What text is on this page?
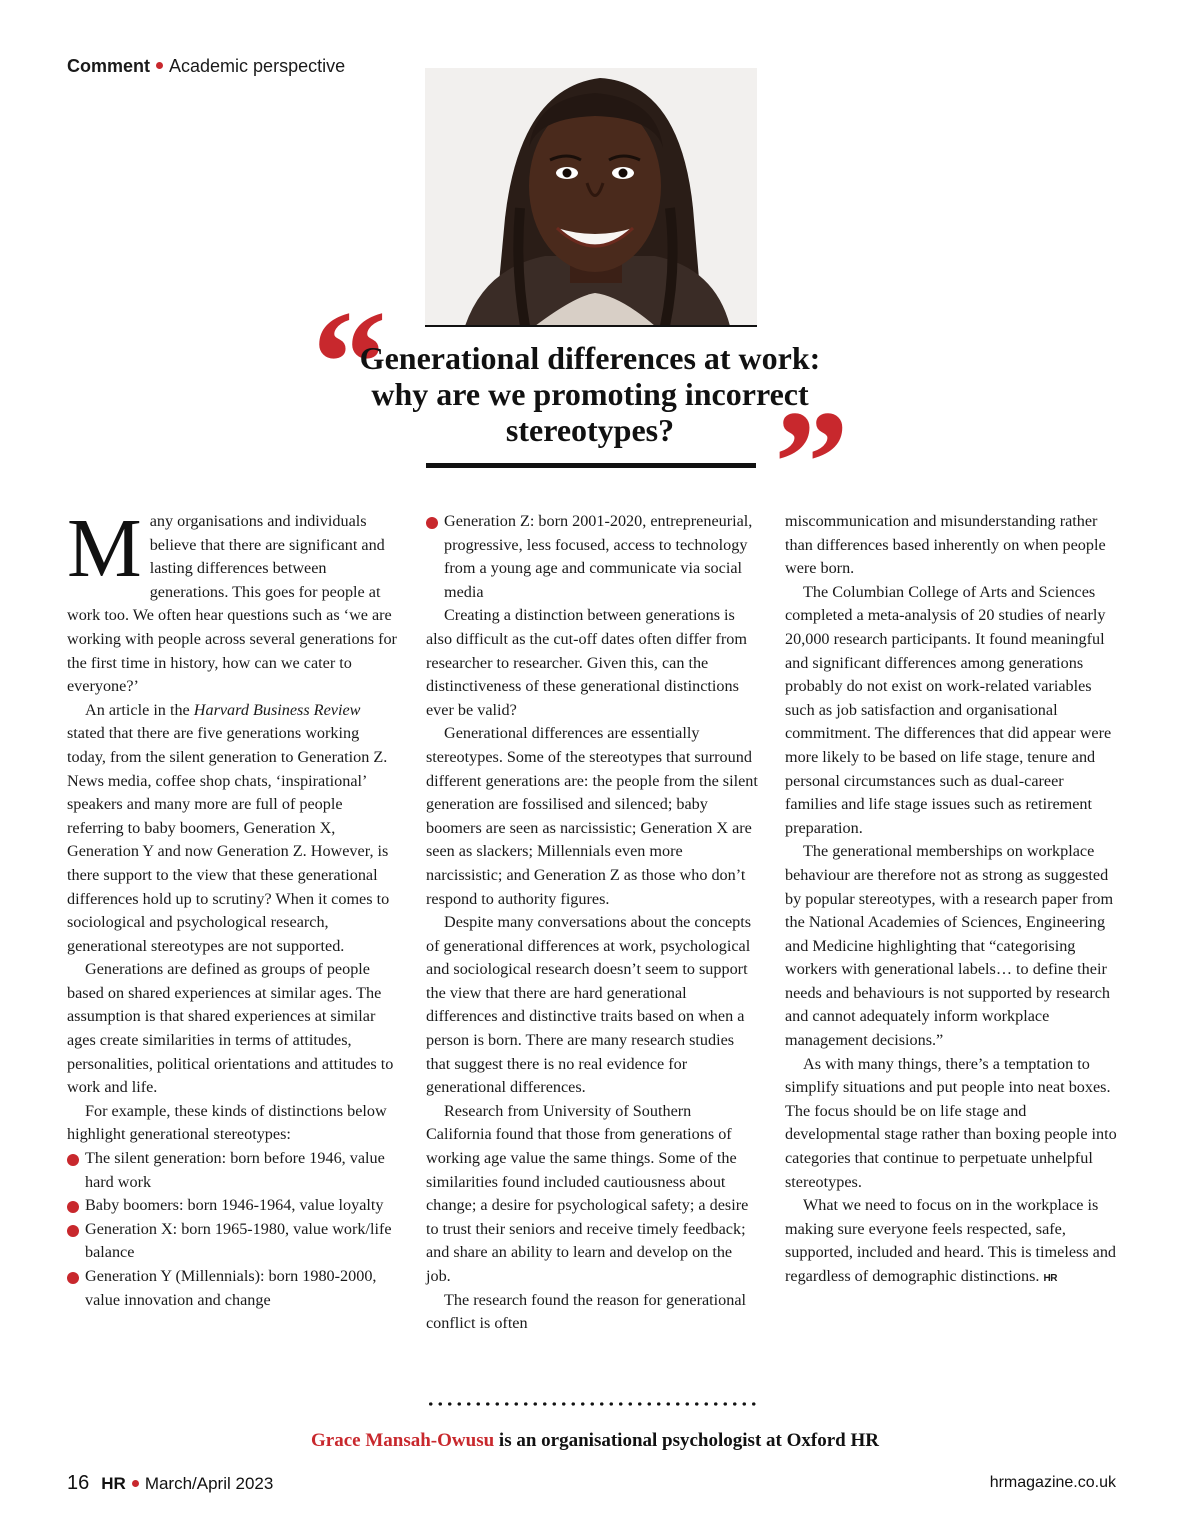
Comment Academic perspective
“
Generational differences at work: why are we promoting incorrect stereotypes? ”

Many organisations and individuals believe that there are significant and lasting differences between generations. This goes for people at work too. We often hear questions such as ‘we are working with people across several generations for the first time in history, how can we cater to everyone?’

An article in the Harvard Business Review stated that there are five generations working today, from the silent generation to Generation Z. News media, coffee shop chats, ‘inspirational’ speakers and many more are full of people referring to baby boomers, Generation X, Generation Y and now Generation Z. However, is there support to the view that these generational differences hold up to scrutiny? When it comes to sociological and psychological research, generational stereotypes are not supported.

Generations are defined as groups of people based on shared experiences at similar ages. The assumption is that shared experiences at similar ages create similarities in terms of attitudes, personalities, political orientations and attitudes to work and life.

For example, these kinds of distinctions below highlight generational stereotypes:

The silent generation: born before 1946, value hard work
Baby boomers: born 1946-1964, value loyalty
Generation X: born 1965-1980, value work/life balance
Generation Y (Millennials): born 1980-2000, value innovation and change
Generation Z: born 2001-2020, entrepreneurial, progressive, less focused, access to technology from a young age and communicate via social media

Creating a distinction between generations is also difficult as the cut-off dates often differ from researcher to researcher. Given this, can the distinctiveness of these generational distinctions ever be valid?

Generational differences are essentially stereotypes. Some of the stereotypes that surround different generations are: the people from the silent generation are fossilised and silenced; baby boomers are seen as narcissistic; Generation X are seen as slackers; Millennials even more narcissistic; and Generation Z as those who don’t respond to authority figures.

Despite many conversations about the concepts of generational differences at work, psychological and sociological research doesn’t seem to support the view that there are hard generational differences and distinctive traits based on when a person is born. There are many research studies that suggest there is no real evidence for generational differences.

Research from University of Southern California found that those from generations of working age value the same things. Some of the similarities found included cautiousness about change; a desire for psychological safety; a desire to trust their seniors and receive timely feedback; and share an ability to learn and develop on the job.

The research found the reason for generational conflict is often

miscommunication and misunderstanding rather than differences based inherently on when people were born.

The Columbian College of Arts and Sciences completed a meta-analysis of 20 studies of nearly 20,000 research participants. It found meaningful and significant differences among generations probably do not exist on work-related variables such as job satisfaction and organisational commitment. The differences that did appear were more likely to be based on life stage, tenure and personal circumstances such as dual-career families and life stage issues such as retirement preparation.

The generational memberships on workplace behaviour are therefore not as strong as suggested by popular stereotypes, with a research paper from the National Academies of Sciences, Engineering and Medicine highlighting that “categorising workers with generational labels… to define their needs and behaviours is not supported by research and cannot adequately inform workplace management decisions.”

As with many things, there’s a temptation to simplify situations and put people into neat boxes. The focus should be on life stage and developmental stage rather than boxing people into categories that continue to perpetuate unhelpful stereotypes.

What we need to focus on in the workplace is making sure everyone feels respected, safe, supported, included and heard. This is timeless and regardless of demographic distinctions. HR

Grace Mansah-Owusu is an organisational psychologist at Oxford HR
16 HR March/April 2023	hrmagazine.co.uk
